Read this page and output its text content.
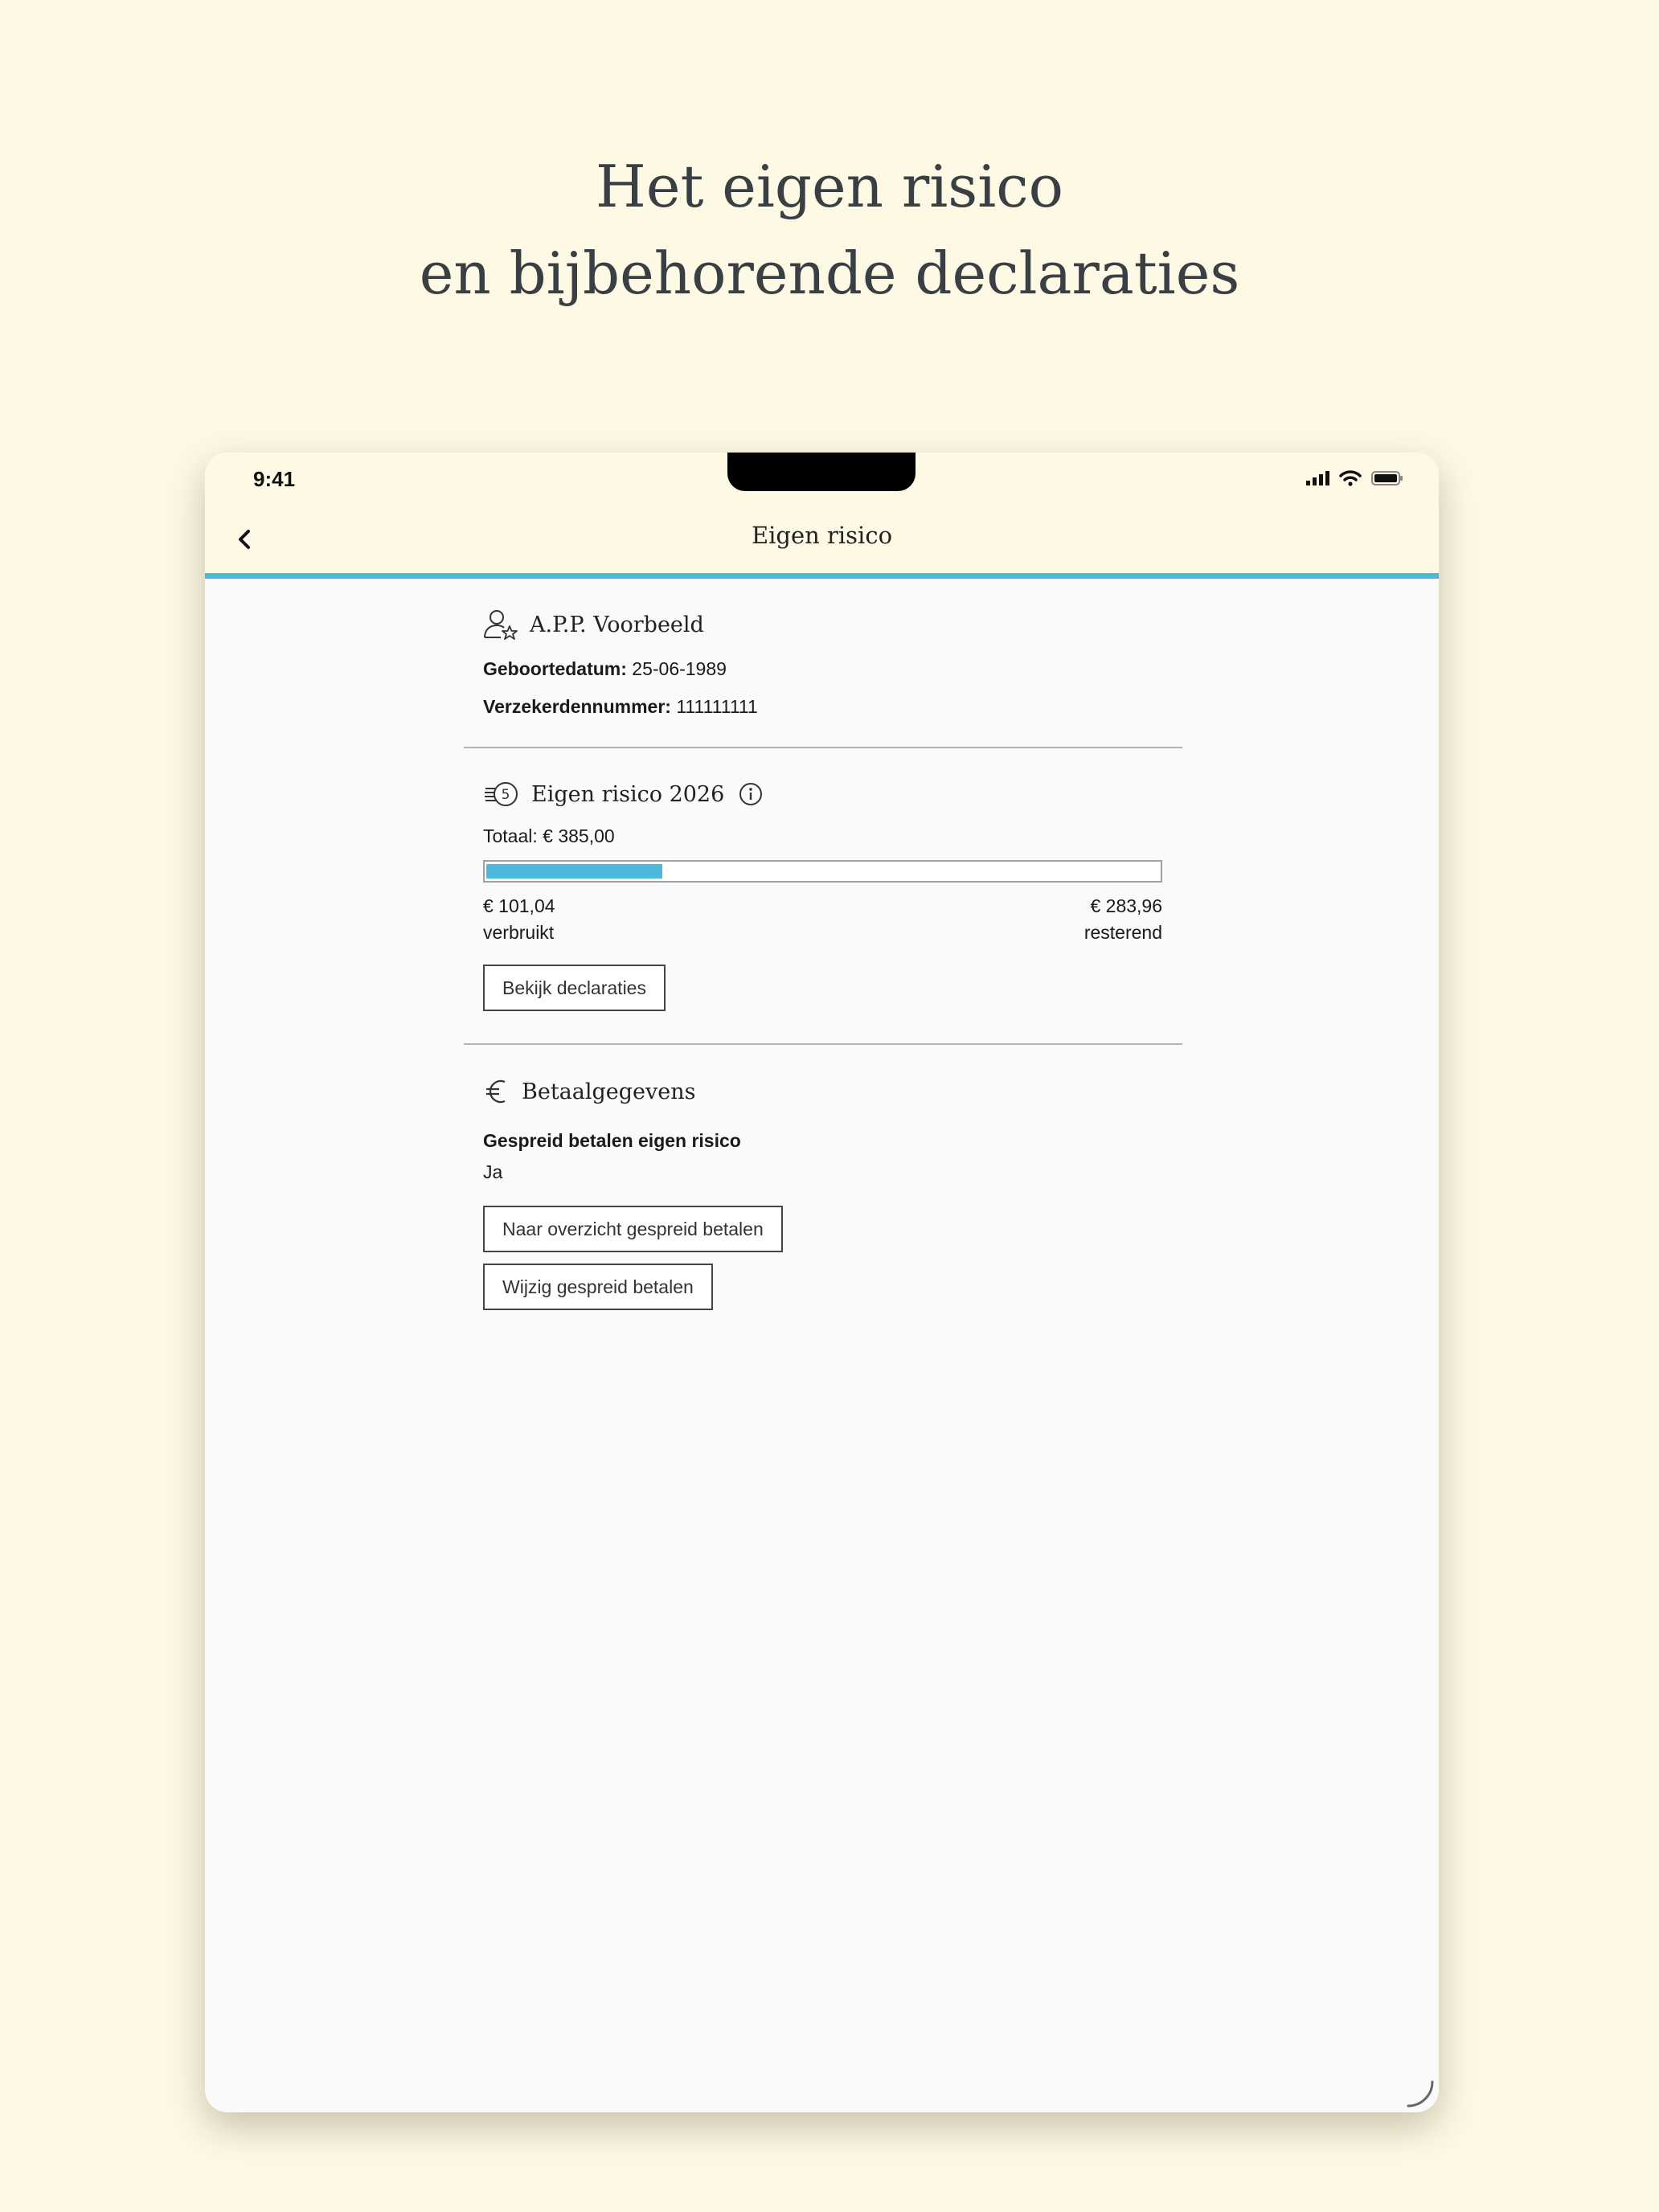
Het eigen risico
en bijbehorende declaraties
9:41
Eigen risico
A.P.P. Voorbeeld
Geboortedatum: 25-06-1989
Verzekerdennummer: 111111111
5 Eigen risico 2026
Totaal: € 385,00
€ 101,04
verbruikt
€ 283,96
resterend
Bekijk declaraties
Betaalgegevens
Gespreid betalen eigen risico
Ja
Naar overzicht gespreid betalen
Wijzig gespreid betalen
